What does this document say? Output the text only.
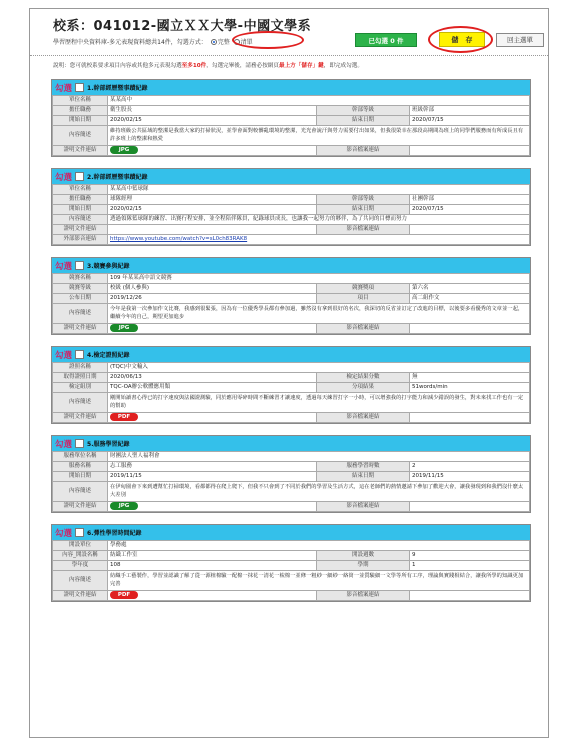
校系：041012-國立ＸＸ大學-中國文學系
學習歷程中央資料庫-多元表現資料總共14件，勾選方式： 完整 清單	已勾選 0 件	儲　存	回主選單
說明：您可就校系要求項目內容或其他多元表現勾選至多10件，勾選完畢後，請務必按網頁最上方「儲存」鍵，即完成勾選。
勾選	1.幹部經歷暨事蹟紀錄
單位名稱	某某高中		
擔任職務	衛生股長	幹部等級	班級幹部
開始日期	2020/02/15	結束日期	2020/07/15
內容簡述	維持班級公共區域的整潔是我當大家的打掃狀況，並學會面對較髒亂環境的整潔，光光會說汗與勞力需要付出如果，但我很榮幸在那段高期間為班上的同學們服務而有所成長且有許多班上的整潔和熱愛		
證明文件連結	JPG	影音檔案連結	
勾選	2.幹部經歷暨事蹟紀錄
單位名稱	某某高中籃球隊		
擔任職務	球隊經理	幹部等級	社團幹部
開始日期	2020/02/15	結束日期	2020/07/15
內容簡述	透過領隊籃球隊的練習、出賽行程安排，並全程陪伴隊員，紀錄球員成長，也讓我一起努力的夥伴，為了共同的目標而努力		
證明文件連結		影音檔案連結	
外部影音連結	https://www.youtube.com/watch?v=sL0ch83RAK8		
勾選	3.競賽參與紀錄
競賽名稱	109 年某某高中語文競賽		
競賽等級	校級 (個人參與)	競賽獎項	第六名
公布日期	2019/12/26	項目	高二組作文
內容簡述	今年是我第一次參加作文比賽，我感到很緊張，因為有一位優秀學長都有參加過，雖然沒有拿到很好的名次，我深切的反省並訂定了改進的目標，以後要多看優秀的文章並一起，繼續今年的自己，期望更加進步		
證明文件連結	JPG	影音檔案連結	
勾選	4.檢定證照紀錄
證照名稱	(TQC)中文輸入		
取得證照日期	2020/06/13	檢定結果分數	無
檢定組別	TQC-OA辦公軟體應用類	分項結果	51words/min
內容簡述	剛開始讀書心得已的打字速度與法國證測驗，同於應用零碎時間不斷練習才讓速度，透過每天練習打字一小時，可以增強我的打字能力和減少錯誤的發生，對未來找工作也有一定的幫助		
證明文件連結	PDF	影音檔案連結	
勾選	5.服務學習紀錄
服務單位名稱	財團法人聖人福利會		
服務名稱	志工服務	服務學習時數	2
開始日期	2019/11/15	結束日期	2019/11/15
內容簡述	在伊甸園會下來到遭幫忙打掃環境，看都都得在爬上爬下，但我不只會到了不同於我們的學習及生活方式，這在老師們的熱情邀請下參加了歡迎大會，讓我發現到和我們沒什麼太大差別		
證明文件連結	JPG	影音檔案連結	
勾選	6.彈性學習時間紀錄
開設單位	學務處		
內容_開設名稱	紡織工作室	開設週數	9
學年度	108	學期	1
內容簡述	紡織手工藝製作，學習並認識了解了從一源植棉驗一配棉一抹花一清花一梳棉一並條一粗紗一細紗一絡筒一並質驗細一文學等所有工序，理論與實踐相結合，讓我所學的知識更加完善		
證明文件連結	PDF	影音檔案連結	
